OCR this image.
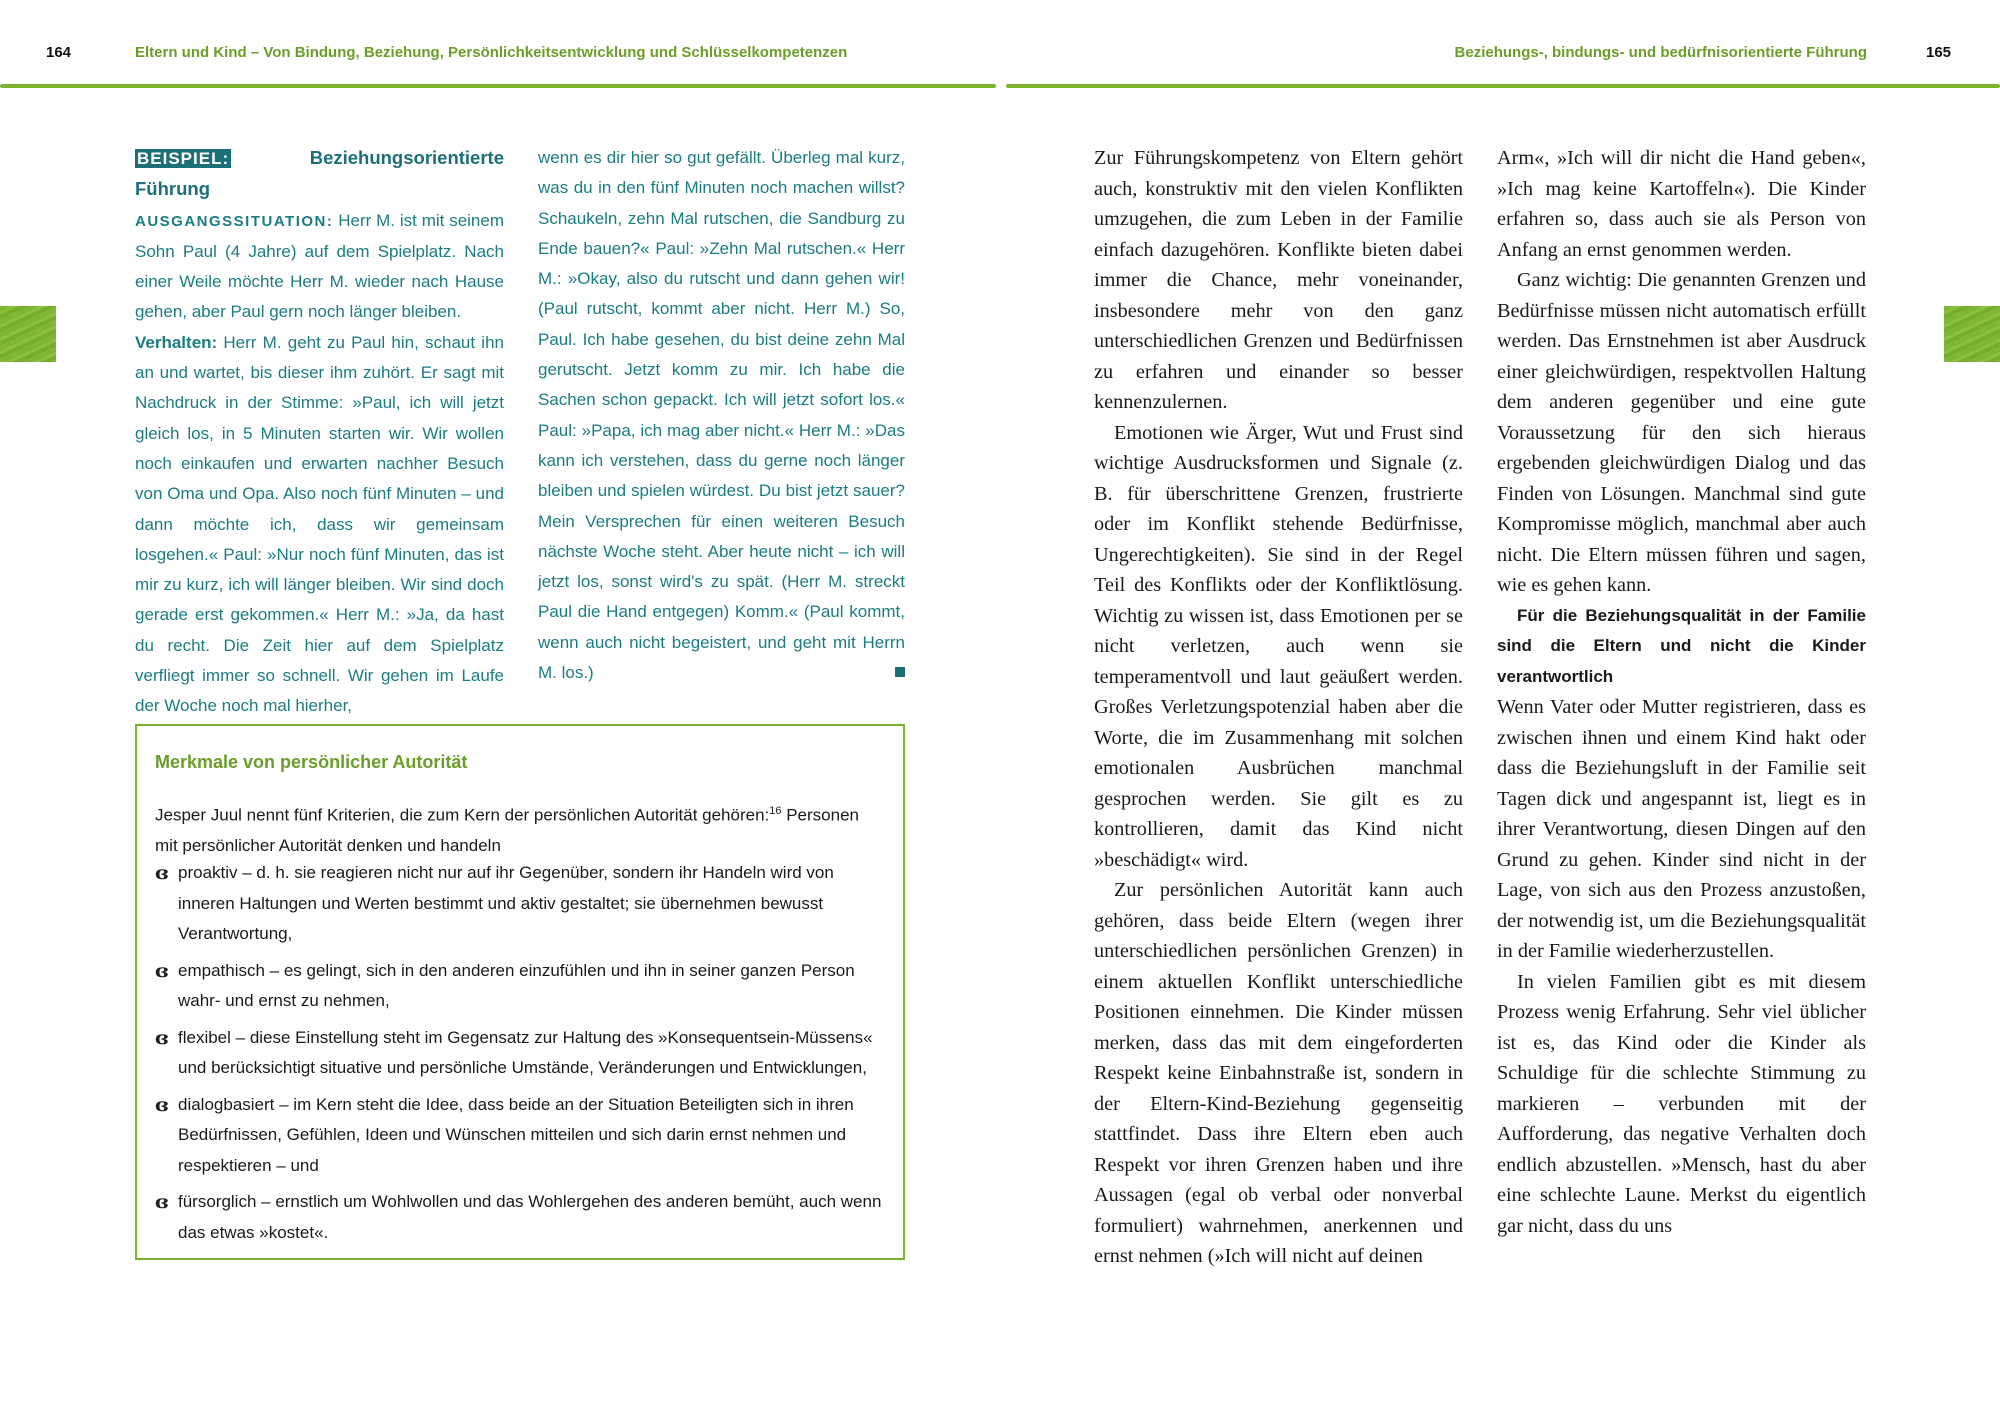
164	Eltern und Kind – Von Bindung, Beziehung, Persönlichkeitsentwicklung und Schlüsselkompetenzen

BEISPIEL:	Beziehungsorientierte Führung

AUSGANGSSITUATION: Herr M. ist mit seinem Sohn Paul (4 Jahre) auf dem Spielplatz. Nach einer Weile möchte Herr M. wieder nach Hause gehen, aber Paul gern noch länger bleiben.

Verhalten: Herr M. geht zu Paul hin, schaut ihn an und wartet, bis dieser ihm zuhört. Er sagt mit Nachdruck in der Stimme: »Paul, ich will jetzt gleich los, in 5 Minuten starten wir. Wir wollen noch einkaufen und erwarten nachher Besuch von Oma und Opa. Also noch fünf Minuten – und dann möchte ich, dass wir gemeinsam losgehen.« Paul: »Nur noch fünf Minuten, das ist mir zu kurz, ich will länger bleiben. Wir sind doch gerade erst gekommen.« Herr M.: »Ja, da hast du recht. Die Zeit hier auf dem Spielplatz verfliegt immer so schnell. Wir gehen im Laufe der Woche noch mal hierher,

wenn es dir hier so gut gefällt. Überleg mal kurz, was du in den fünf Minuten noch machen willst? Schaukeln, zehn Mal rutschen, die Sandburg zu Ende bauen?« Paul: »Zehn Mal rutschen.« Herr M.: »Okay, also du rutscht und dann gehen wir! (Paul rutscht, kommt aber nicht. Herr M.) So, Paul. Ich habe gesehen, du bist deine zehn Mal gerutscht. Jetzt komm zu mir. Ich habe die Sachen schon gepackt. Ich will jetzt sofort los.« Paul: »Papa, ich mag aber nicht.« Herr M.: »Das kann ich verstehen, dass du gerne noch länger bleiben und spielen würdest. Du bist jetzt sauer? Mein Versprechen für einen weiteren Besuch nächste Woche steht. Aber heute nicht – ich will jetzt los, sonst wird's zu spät. (Herr M. streckt Paul die Hand entgegen) Komm.« (Paul kommt, wenn auch nicht begeistert, und geht mit Herrn M. los.)

Merkmale von persönlicher Autorität
Jesper Juul nennt fünf Kriterien, die zum Kern der persönlichen Autorität gehören:$^{16}$ Personen mit persönlicher Autorität denken und handeln
ɞ proaktiv – d. h. sie reagieren nicht nur auf ihr Gegenüber, sondern ihr Handeln wird von inneren Haltungen und Werten bestimmt und aktiv gestaltet; sie übernehmen bewusst Verantwortung,
ɞ empathisch – es gelingt, sich in den anderen einzufühlen und ihn in seiner ganzen Person wahr- und ernst zu nehmen,
ɞ flexibel – diese Einstellung steht im Gegensatz zur Haltung des »Konsequentsein-Müssens« und berücksichtigt situative und persönliche Umstände, Veränderungen und Entwicklungen,
ɞ dialogbasiert – im Kern steht die Idee, dass beide an der Situation Beteiligten sich in ihren Bedürfnissen, Gefühlen, Ideen und Wünschen mitteilen und sich darin ernst nehmen und respektieren – und
ɞ fürsorglich – ernstlich um Wohlwollen und das Wohlergehen des anderen bemüht, auch wenn das etwas »kostet«.
Beziehungs-, bindungs- und bedürfnisorientierte Führung	165

Zur Führungskompetenz von Eltern gehört auch, konstruktiv mit den vielen Konflikten umzugehen, die zum Leben in der Familie einfach dazugehören. Konflikte bieten dabei immer die Chance, mehr voneinander, insbesondere mehr von den ganz unterschiedlichen Grenzen und Bedürfnissen zu erfahren und einander so besser kennenzulernen.

Emotionen wie Ärger, Wut und Frust sind wichtige Ausdrucksformen und Signale (z. B. für überschrittene Grenzen, frustrierte oder im Konflikt stehende Bedürfnisse, Ungerechtigkeiten). Sie sind in der Regel Teil des Konflikts oder der Konfliktlösung. Wichtig zu wissen ist, dass Emotionen per se nicht verletzen, auch wenn sie temperamentvoll und laut geäußert werden. Großes Verletzungspotenzial haben aber die Worte, die im Zusammenhang mit solchen emotionalen Ausbrüchen manchmal gesprochen werden. Sie gilt es zu kontrollieren, damit das Kind nicht »beschädigt« wird.

Zur persönlichen Autorität kann auch gehören, dass beide Eltern (wegen ihrer unterschiedlichen persönlichen Grenzen) in einem aktuellen Konflikt unterschiedliche Positionen einnehmen. Die Kinder müssen merken, dass das mit dem eingeforderten Respekt keine Einbahnstraße ist, sondern in der Eltern-Kind-Beziehung gegenseitig stattfindet. Dass ihre Eltern eben auch Respekt vor ihren Grenzen haben und ihre Aussagen (egal ob verbal oder nonverbal formuliert) wahrnehmen, anerkennen und ernst nehmen (»Ich will nicht auf deinen

Arm«, »Ich will dir nicht die Hand geben«, »Ich mag keine Kartoffeln«). Die Kinder erfahren so, dass auch sie als Person von Anfang an ernst genommen werden.

Ganz wichtig: Die genannten Grenzen und Bedürfnisse müssen nicht automatisch erfüllt werden. Das Ernstnehmen ist aber Ausdruck einer gleichwürdigen, respektvollen Haltung dem anderen gegenüber und eine gute Voraussetzung für den sich hieraus ergebenden gleichwürdigen Dialog und das Finden von Lösungen. Manchmal sind gute Kompromisse möglich, manchmal aber auch nicht. Die Eltern müssen führen und sagen, wie es gehen kann.

Für die Beziehungsqualität in der Familie sind die Eltern und nicht die Kinder verantwortlich

Wenn Vater oder Mutter registrieren, dass es zwischen ihnen und einem Kind hakt oder dass die Beziehungsluft in der Familie seit Tagen dick und angespannt ist, liegt es in ihrer Verantwortung, diesen Dingen auf den Grund zu gehen. Kinder sind nicht in der Lage, von sich aus den Prozess anzustoßen, der notwendig ist, um die Beziehungsqualität in der Familie wiederherzustellen.

In vielen Familien gibt es mit diesem Prozess wenig Erfahrung. Sehr viel üblicher ist es, das Kind oder die Kinder als Schuldige für die schlechte Stimmung zu markieren – verbunden mit der Aufforderung, das negative Verhalten doch endlich abzustellen. »Mensch, hast du aber eine schlechte Laune. Merkst du eigentlich gar nicht, dass du uns
